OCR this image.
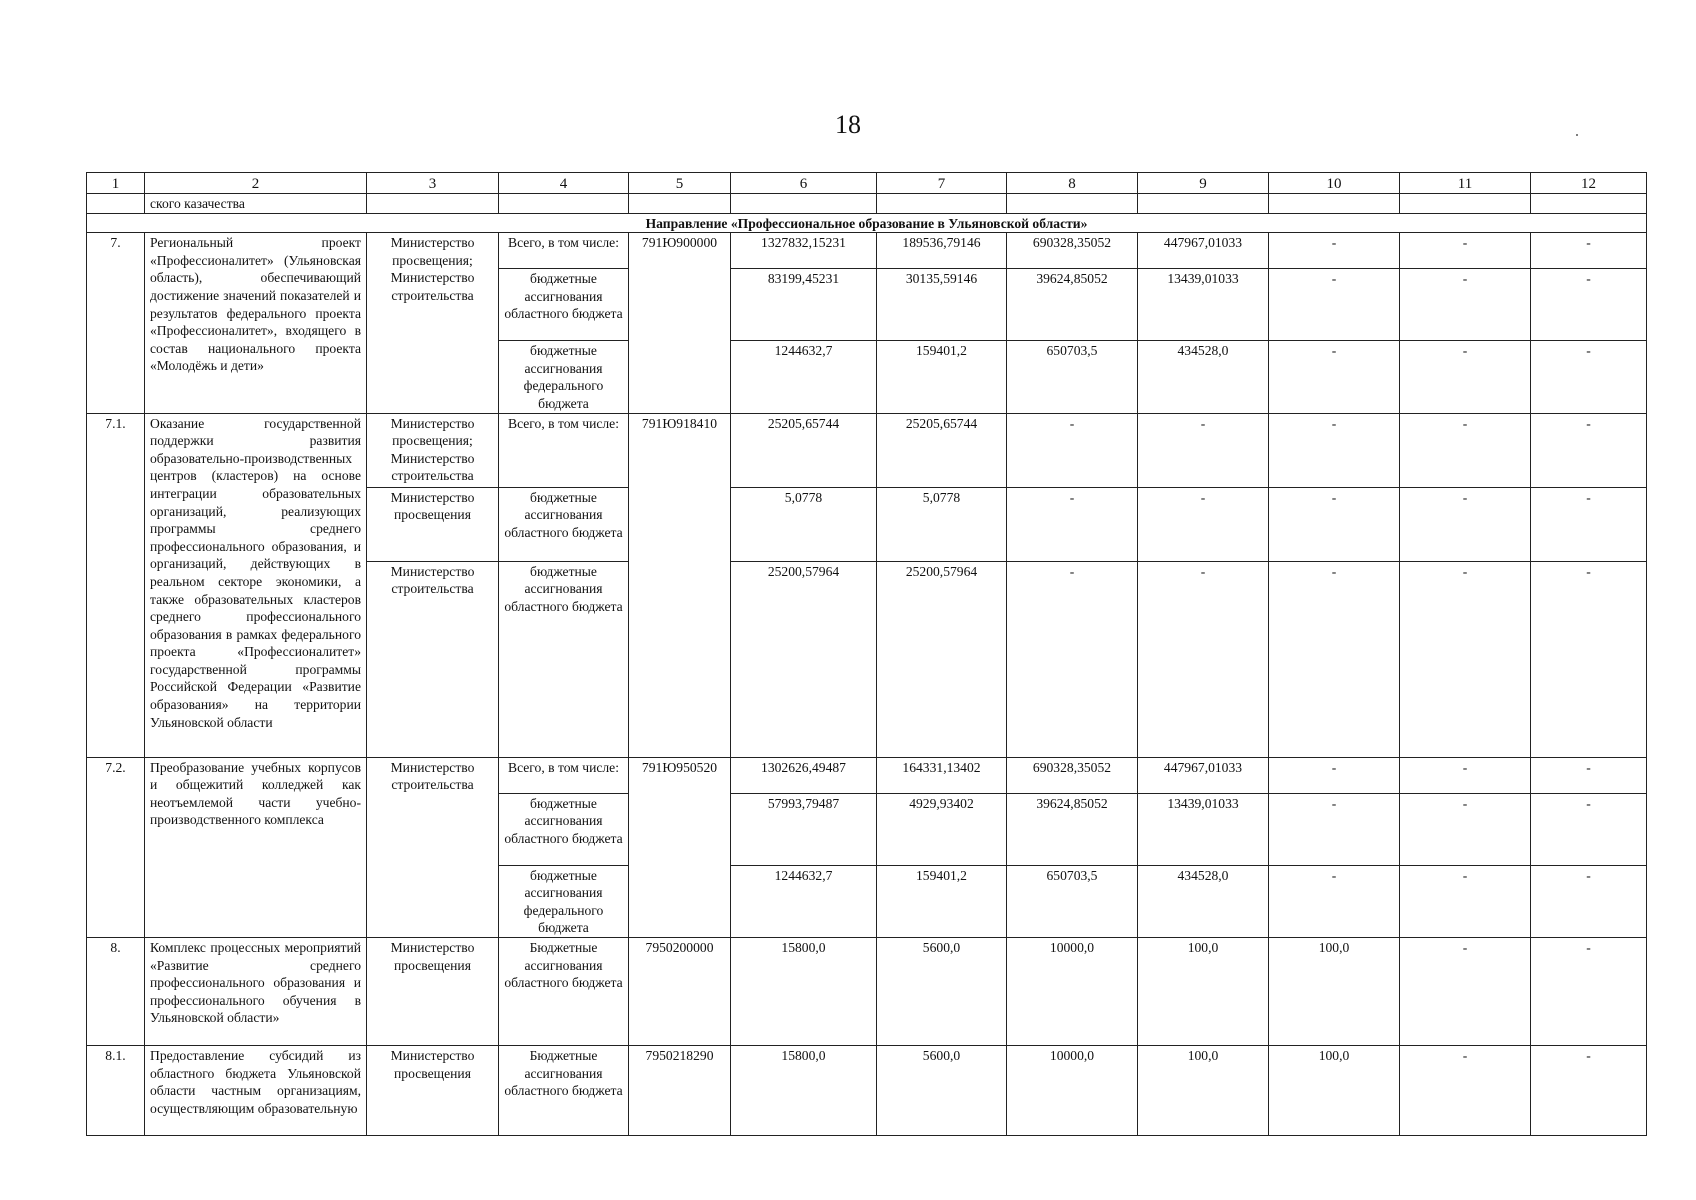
18
1	2	3	4	5	6	7	8	9	10	11	12
	ского казачества										
Направление «Профессиональное образование в Ульяновской области»											
7.	Региональный проект «Профессионалитет» (Ульяновская область), обеспечивающий достижение значений показателей и результатов федерального проекта «Профессионалитет», входящего в состав национального проекта «Молодёжь и дети»	Министерство просвещения; Министерство строительства	Всего, в том числе:	791Ю900000	1327832,15231	189536,79146	690328,35052	447967,01033	-	-	-
			бюджетные ассигнования областного бюджета		83199,45231	30135,59146	39624,85052	13439,01033	-	-	-
			бюджетные ассигнования федерального бюджета		1244632,7	159401,2	650703,5	434528,0	-	-	-
7.1.	Оказание государственной поддержки развития образовательно-производственных центров (кластеров) на основе интеграции образовательных организаций, реализующих программы среднего профессионального образования, и организаций, действующих в реальном секторе экономики, а также образовательных кластеров среднего профессионального образования в рамках федерального проекта «Профессионалитет» государственной программы Российской Федерации «Развитие образования» на территории Ульяновской области	Министерство просвещения; Министерство строительства	Всего, в том числе:	791Ю918410	25205,65744	25205,65744	-	-	-	-	-
		Министерство просвещения	бюджетные ассигнования областного бюджета		5,0778	5,0778	-	-	-	-	-
		Министерство строительства	бюджетные ассигнования областного бюджета		25200,57964	25200,57964	-	-	-	-	-
7.2.	Преобразование учебных корпусов и общежитий колледжей как неотъемлемой части учебно-производственного комплекса	Министерство строительства	Всего, в том числе:	791Ю950520	1302626,49487	164331,13402	690328,35052	447967,01033	-	-	-
			бюджетные ассигнования областного бюджета		57993,79487	4929,93402	39624,85052	13439,01033	-	-	-
			бюджетные ассигнования федерального бюджета		1244632,7	159401,2	650703,5	434528,0	-	-	-
8.	Комплекс процессных мероприятий «Развитие среднего профессионального образования и профессионального обучения в Ульяновской области»	Министерство просвещения	Бюджетные ассигнования областного бюджета	7950200000	15800,0	5600,0	10000,0	100,0	100,0	-	-
8.1.	Предоставление субсидий из областного бюджета Ульяновской области частным организациям, осуществляющим образовательную	Министерство просвещения	Бюджетные ассигнования областного бюджета	7950218290	15800,0	5600,0	10000,0	100,0	100,0	-	-
